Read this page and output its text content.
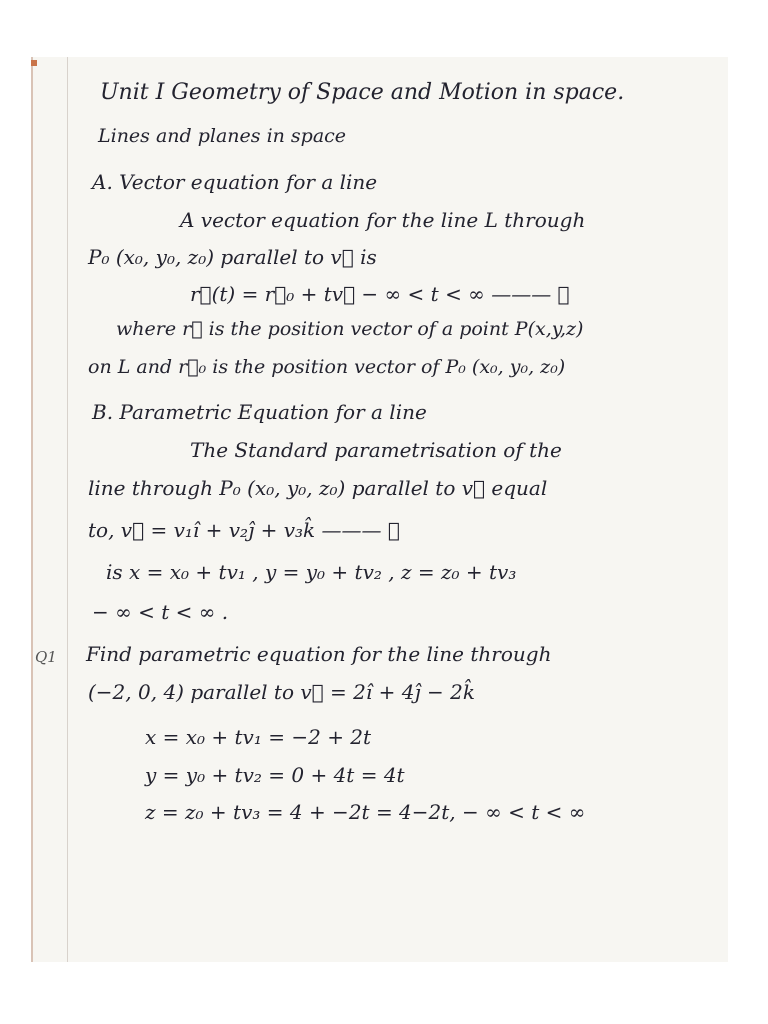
Unit I Geometry of Space and Motion in space.
Lines and planes in space
A. Vector equation for a line
A vector equation for the line L through
P₀ (x₀, y₀, z₀) parallel to v⃗ is
r⃗(t) = r⃗₀ + tv⃗ − ∞ < t < ∞ ——— ①
where r⃗ is the position vector of a point P(x,y,z)
on L and r⃗₀ is the position vector of P₀ (x₀, y₀, z₀)
B. Parametric Equation for a line
The Standard parametrisation of the
line through P₀ (x₀, y₀, z₀) parallel to v⃗ equal
to, v⃗ = v₁î + v₂ĵ + v₃k̂ ——— ②
is x = x₀ + tv₁ , y = y₀ + tv₂ , z = z₀ + tv₃
− ∞ < t < ∞ .
Q1 Find parametric equation for the line through
(−2, 0, 4) parallel to v⃗ = 2î + 4ĵ − 2k̂
x = x₀ + tv₁ = −2 + 2t
y = y₀ + tv₂ = 0 + 4t = 4t
z = z₀ + tv₃ = 4 + −2t = 4−2t, − ∞ < t < ∞
